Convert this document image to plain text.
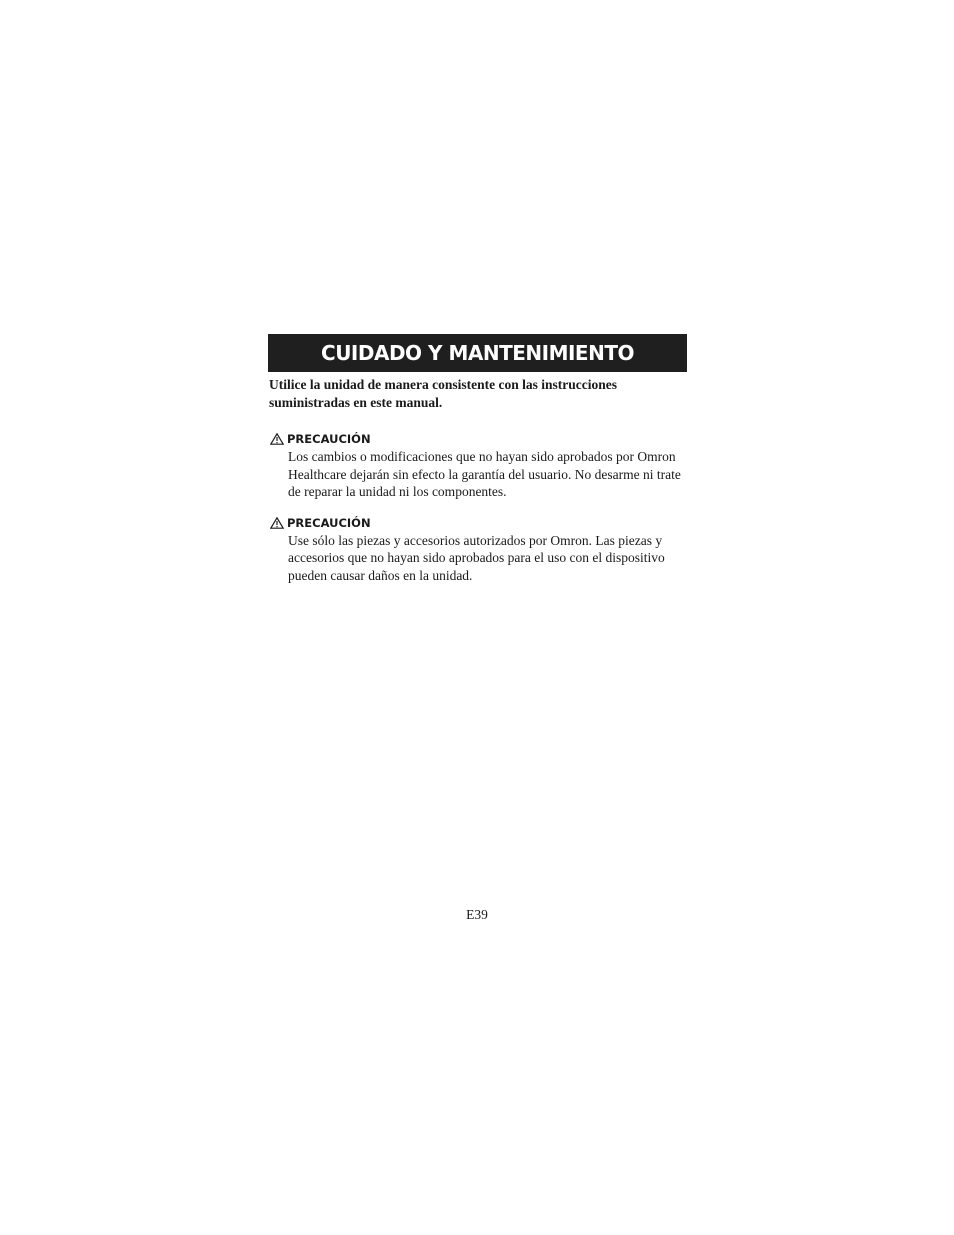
CUIDADO Y MANTENIMIENTO
Utilice la unidad de manera consistente con las instrucciones suministradas en este manual.
PRECAUCIÓN
Los cambios o modificaciones que no hayan sido aprobados por Omron Healthcare dejarán sin efecto la garantía del usuario. No desarme ni trate de reparar la unidad ni los componentes.
PRECAUCIÓN
Use sólo las piezas y accesorios autorizados por Omron. Las piezas y accesorios que no hayan sido aprobados para el uso con el dispositivo pueden causar daños en la unidad.
E39
